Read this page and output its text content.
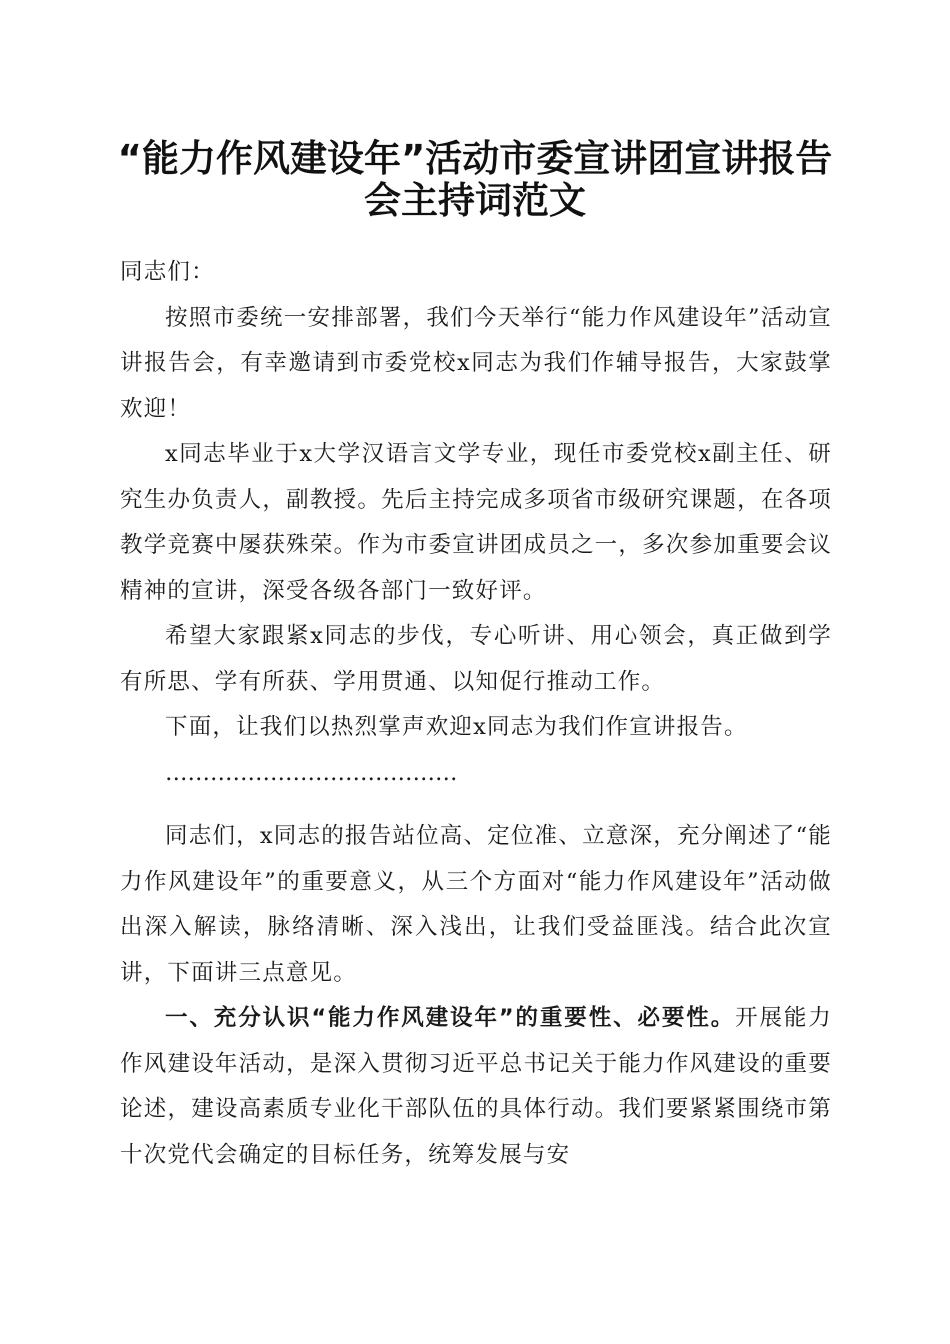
“能力作风建设年”活动市委宣讲团宣讲报告
会主持词范文

同志们：

按照市委统一安排部署，我们今天举行“能力作风建设年”活动宣讲报告会，有幸邀请到市委党校x同志为我们作辅导报告，大家鼓掌欢迎！

x同志毕业于x大学汉语言文学专业，现任市委党校x副主任、研究生办负责人，副教授。先后主持完成多项省市级研究课题，在各项教学竞赛中屡获殊荣。作为市委宣讲团成员之一，多次参加重要会议精神的宣讲，深受各级各部门一致好评。

希望大家跟紧x同志的步伐，专心听讲、用心领会，真正做到学有所思、学有所获、学用贯通、以知促行推动工作。

下面，让我们以热烈掌声欢迎x同志为我们作宣讲报告。

…………………………………

同志们，x同志的报告站位高、定位准、立意深，充分阐述了“能力作风建设年”的重要意义，从三个方面对“能力作风建设年”活动做出深入解读，脉络清晰、深入浅出，让我们受益匪浅。结合此次宣讲，下面讲三点意见。

一、充分认识“能力作风建设年”的重要性、必要性。开展能力作风建设年活动，是深入贯彻习近平总书记关于能力作风建设的重要论述，建设高素质专业化干部队伍的具体行动。我们要紧紧围绕市第十次党代会确定的目标任务，统筹发展与安
